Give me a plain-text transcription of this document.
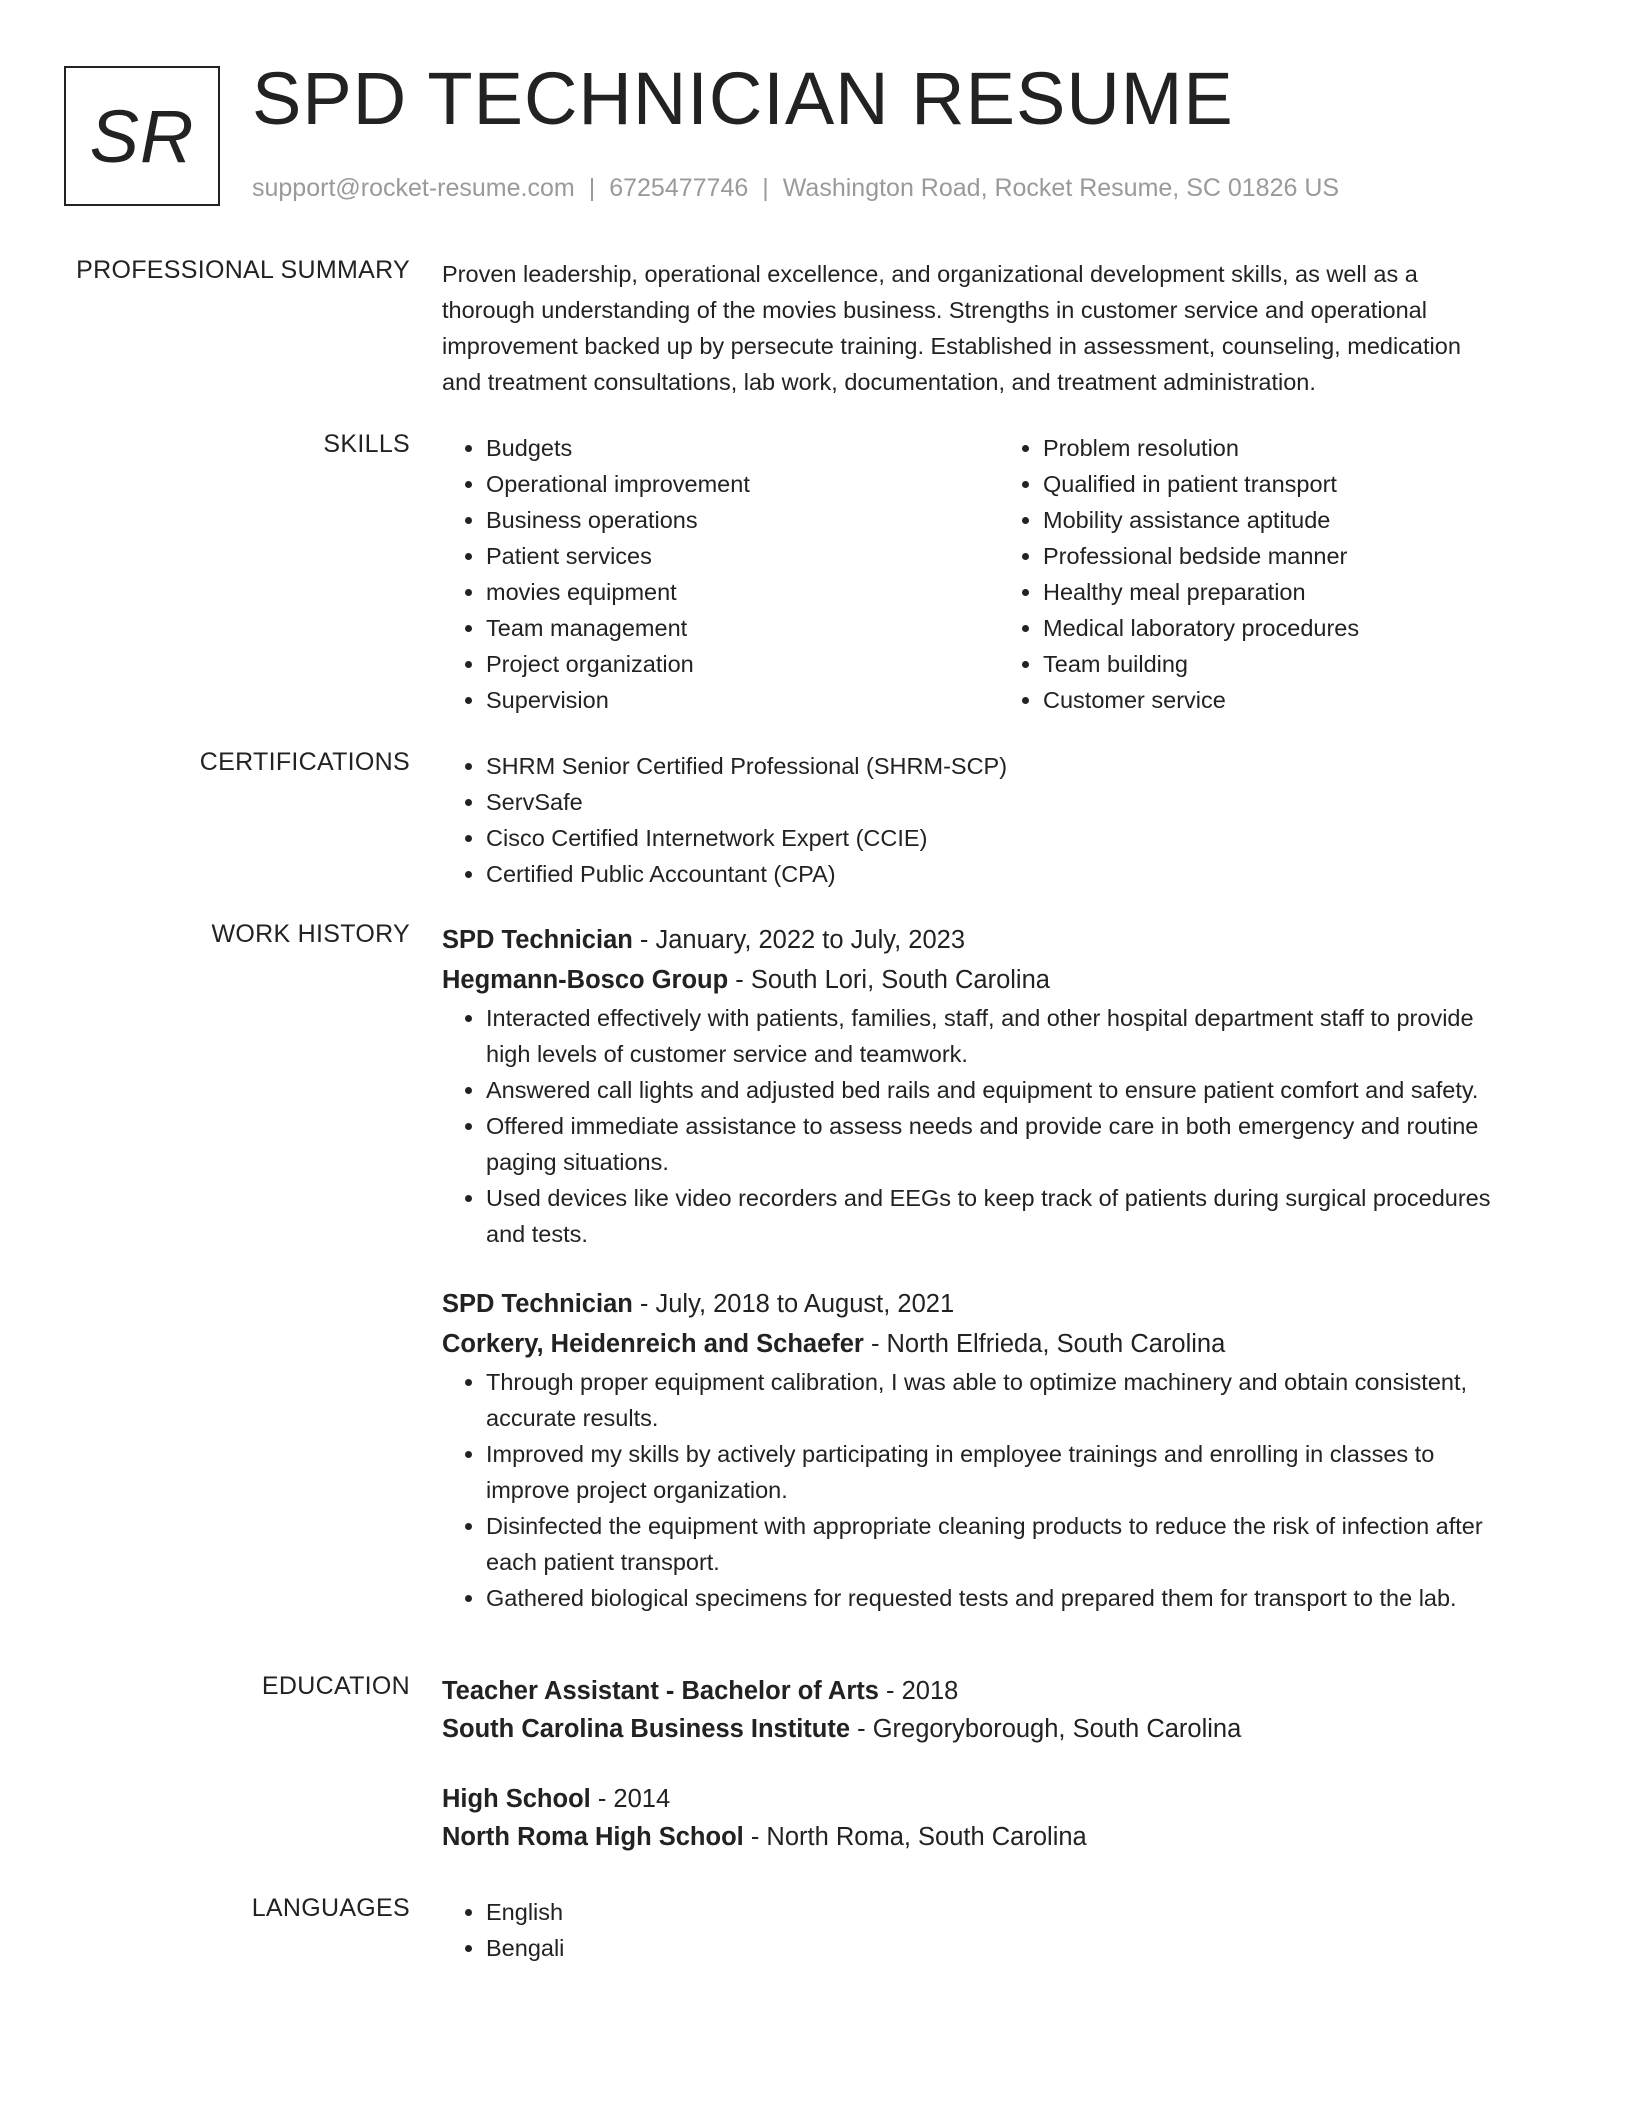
SR SPD TECHNICIAN RESUME
support@rocket-resume.com | 6725477746 | Washington Road, Rocket Resume, SC 01826 US
PROFESSIONAL SUMMARY Proven leadership, operational excellence, and organizational development skills, as well as a
thorough understanding of the movies business. Strengths in customer service and operational
improvement backed up by persecute training. Established in assessment, counseling, medication
and treatment consultations, lab work, documentation, and treatment administration.
SKILLS	• Budgets
• Operational improvement
• Business operations
• Patient services
• movies equipment
• Team management
• Project organization
• Supervision
• Problem resolution
• Qualified in patient transport
• Mobility assistance aptitude
• Professional bedside manner
• Healthy meal preparation
• Medical laboratory procedures
• Team building
• Customer service
CERTIFICATIONS	• SHRM Senior Certified Professional (SHRM-SCP)
• ServSafe
• Cisco Certified Internetwork Expert (CCIE)
• Certified Public Accountant (CPA)
WORK HISTORY SPD Technician - January, 2022 to July, 2023
Hegmann-Bosco Group - South Lori, South Carolina
• Interacted effectively with patients, families, staff, and other hospital department staff to provide
high levels of customer service and teamwork.
• Answered call lights and adjusted bed rails and equipment to ensure patient comfort and safety.
• Offered immediate assistance to assess needs and provide care in both emergency and routine
paging situations.
• Used devices like video recorders and EEGs to keep track of patients during surgical procedures
and tests.
SPD Technician - July, 2018 to August, 2021
Corkery, Heidenreich and Schaefer - North Elfrieda, South Carolina
• Through proper equipment calibration, I was able to optimize machinery and obtain consistent,
accurate results.
• Improved my skills by actively participating in employee trainings and enrolling in classes to
improve project organization.
• Disinfected the equipment with appropriate cleaning products to reduce the risk of infection after
each patient transport.
• Gathered biological specimens for requested tests and prepared them for transport to the lab.
EDUCATION Teacher Assistant - Bachelor of Arts - 2018
South Carolina Business Institute - Gregoryborough, South Carolina
High School - 2014
North Roma High School - North Roma, South Carolina
LANGUAGES	• English
• Bengali
